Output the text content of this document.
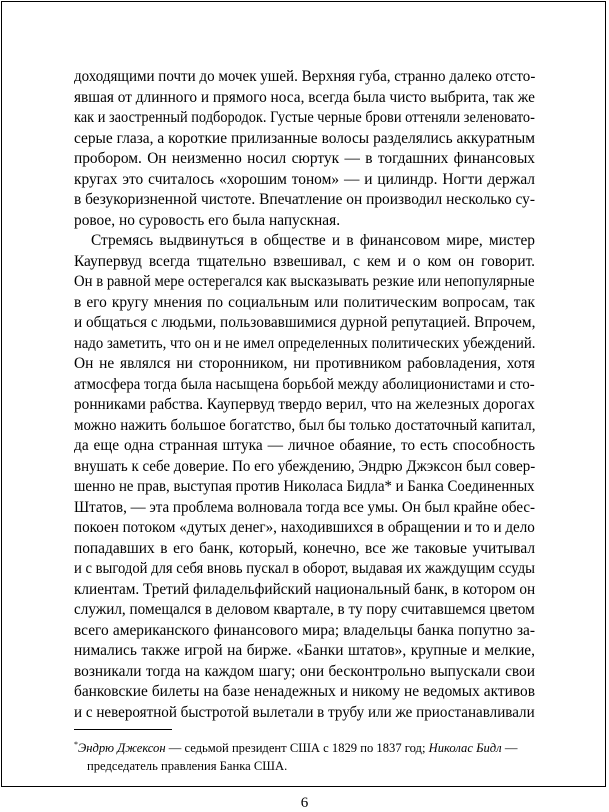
доходящими почти до мочек ушей. Верхняя губа, странно далеко отсто-
явшая от длинного и прямого носа, всегда была чисто выбрита, так же
как и заостренный подбородок. Густые черные брови оттеняли зеленовато-
серые глаза, а короткие прилизанные волосы разделялись аккуратным
пробором. Он неизменно носил сюртук — в тогдашних финансовых
кругах это считалось «хорошим тоном» — и цилиндр. Ногти держал
в безукоризненной чистоте. Впечатление он производил несколько су-
ровое, но суровость его была напускная.
Стремясь выдвинуться в обществе и в финансовом мире, мистер
Каупервуд всегда тщательно взвешивал, с кем и о ком он говорит.
Он в равной мере остерегался как высказывать резкие или непопулярные
в его кругу мнения по социальным или политическим вопросам, так
и общаться с людьми, пользовавшимися дурной репутацией. Впрочем,
надо заметить, что он и не имел определенных политических убеждений.
Он не являлся ни сторонником, ни противником рабовладения, хотя
атмосфера тогда была насыщена борьбой между аболиционистами и сто-
ронниками рабства. Каупервуд твердо верил, что на железных дорогах
можно нажить большое богатство, был бы только достаточный капитал,
да еще одна странная штука — личное обаяние, то есть способность
внушать к себе доверие. По его убеждению, Эндрю Джэксон был совер-
шенно не прав, выступая против Николаса Бидла* и Банка Соединенных
Штатов, — эта проблема волновала тогда все умы. Он был крайне обес-
покоен потоком «дутых денег», находившихся в обращении и то и дело
попадавших в его банк, который, конечно, все же таковые учитывал
и с выгодой для себя вновь пускал в оборот, выдавая их жаждущим ссуды
клиентам. Третий филадельфийский национальный банк, в котором он
служил, помещался в деловом квартале, в ту пору считавшемся цветом
всего американского финансового мира; владельцы банка попутно за-
нимались также игрой на бирже. «Банки штатов», крупные и мелкие,
возникали тогда на каждом шагу; они бесконтрольно выпускали свои
банковские билеты на базе ненадежных и никому не ведомых активов
и с невероятной быстротой вылетали в трубу или же приостанавливали
*Эндрю Джексон — седьмой президент США с 1829 по 1837 год; Николас Бидл —
председатель правления Банка США.
6
